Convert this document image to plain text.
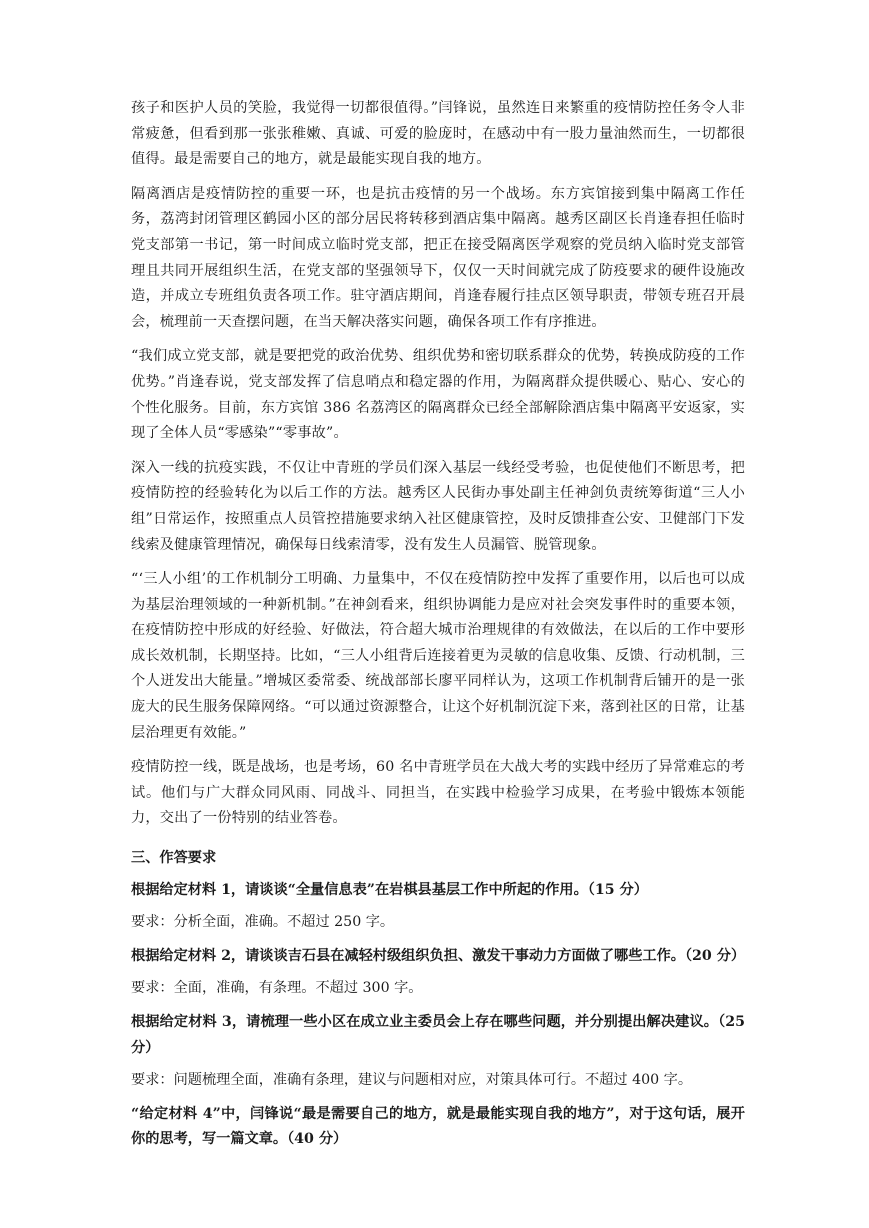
孩子和医护人员的笑脸，我觉得一切都很值得。”闫锋说，虽然连日来繁重的疫情防控任务令人非常疲惫，但看到那一张张稚嫩、真诚、可爱的脸庞时，在感动中有一股力量油然而生，一切都很值得。最是需要自己的地方，就是最能实现自我的地方。

隔离酒店是疫情防控的重要一环，也是抗击疫情的另一个战场。东方宾馆接到集中隔离工作任务，荔湾封闭管理区鹤园小区的部分居民将转移到酒店集中隔离。越秀区副区长肖逢春担任临时党支部第一书记，第一时间成立临时党支部，把正在接受隔离医学观察的党员纳入临时党支部管理且共同开展组织生活，在党支部的坚强领导下，仅仅一天时间就完成了防疫要求的硬件设施改造，并成立专班组负责各项工作。驻守酒店期间，肖逢春履行挂点区领导职责，带领专班召开晨会，梳理前一天查摆问题，在当天解决落实问题，确保各项工作有序推进。

“我们成立党支部，就是要把党的政治优势、组织优势和密切联系群众的优势，转换成防疫的工作优势。”肖逢春说，党支部发挥了信息哨点和稳定器的作用，为隔离群众提供暖心、贴心、安心的个性化服务。目前，东方宾馆 386 名荔湾区的隔离群众已经全部解除酒店集中隔离平安返家，实现了全体人员“零感染”“零事故”。

深入一线的抗疫实践，不仅让中青班的学员们深入基层一线经受考验，也促使他们不断思考，把疫情防控的经验转化为以后工作的方法。越秀区人民街办事处副主任神剑负责统筹街道“三人小组”日常运作，按照重点人员管控措施要求纳入社区健康管控，及时反馈排查公安、卫健部门下发线索及健康管理情况，确保每日线索清零，没有发生人员漏管、脱管现象。

“‘三人小组’的工作机制分工明确、力量集中，不仅在疫情防控中发挥了重要作用，以后也可以成为基层治理领域的一种新机制。”在神剑看来，组织协调能力是应对社会突发事件时的重要本领，在疫情防控中形成的好经验、好做法，符合超大城市治理规律的有效做法，在以后的工作中要形成长效机制，长期坚持。比如，“三人小组背后连接着更为灵敏的信息收集、反馈、行动机制，三个人迸发出大能量。”增城区委常委、统战部部长廖平同样认为，这项工作机制背后铺开的是一张庞大的民生服务保障网络。“可以通过资源整合，让这个好机制沉淀下来，落到社区的日常，让基层治理更有效能。”

疫情防控一线，既是战场，也是考场，60 名中青班学员在大战大考的实践中经历了异常难忘的考试。他们与广大群众同风雨、同战斗、同担当，在实践中检验学习成果，在考验中锻炼本领能力，交出了一份特别的结业答卷。

三、作答要求

根据给定材料 1，请谈谈“全量信息表”在岩棋县基层工作中所起的作用。（15 分）

要求：分析全面，准确。不超过 250 字。

根据给定材料 2，请谈谈吉石县在减轻村级组织负担、激发干事动力方面做了哪些工作。（20 分）

要求：全面，准确，有条理。不超过 300 字。

根据给定材料 3，请梳理一些小区在成立业主委员会上存在哪些问题，并分别提出解决建议。（25 分）

要求：问题梳理全面，准确有条理，建议与问题相对应，对策具体可行。不超过 400 字。

“给定材料 4”中，闫锋说“最是需要自己的地方，就是最能实现自我的地方”，对于这句话，展开你的思考，写一篇文章。（40 分）
